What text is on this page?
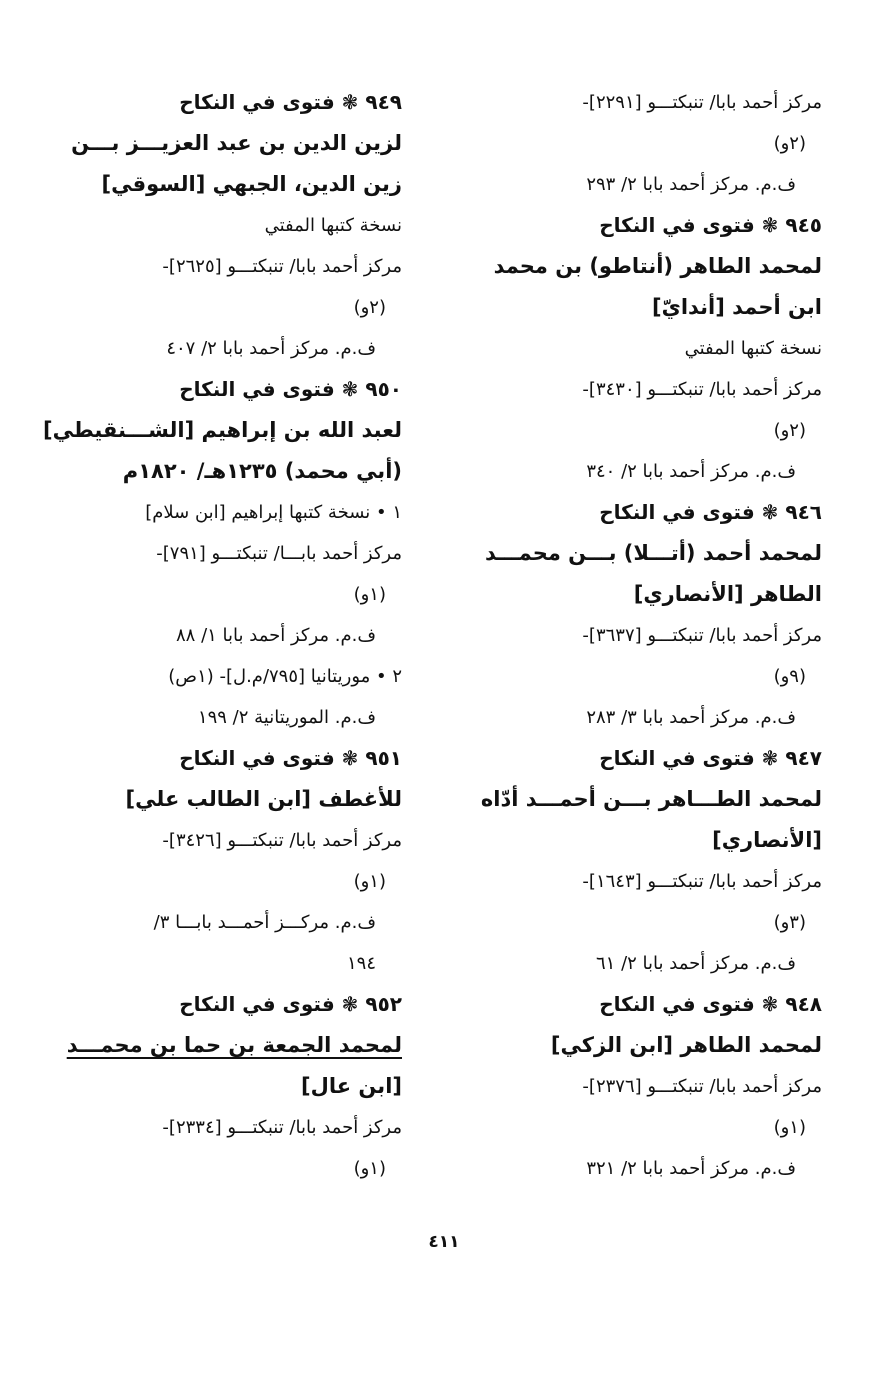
مركز أحمد بابا/ تنبكتـــو [٢٢٩١]-
(٢و)
ف.م. مركز أحمد بابا ٢/ ٢٩٣
٩٤٥ ❃ فتوى في النكاح
لمحمد الطاهر (أنتاطو) بن محمد
ابن أحمد [أندايّ]
نسخة كتبها المفتي
مركز أحمد بابا/ تنبكتـــو [٣٤٣٠]-
(٢و)
ف.م. مركز أحمد بابا ٢/ ٣٤٠
٩٤٦ ❃ فتوى في النكاح
لمحمد أحمد (أتـــلا) بـــن محمـــد
الطاهر [الأنصاري]
مركز أحمد بابا/ تنبكتـــو [٣٦٣٧]-
(٩و)
ف.م. مركز أحمد بابا ٣/ ٢٨٣
٩٤٧ ❃ فتوى في النكاح
لمحمد الطـــاهر بـــن أحمـــد أدّاه
[الأنصاري]
مركز أحمد بابا/ تنبكتـــو [١٦٤٣]-
(٣و)
ف.م. مركز أحمد بابا ٢/ ٦١
٩٤٨ ❃ فتوى في النكاح
لمحمد الطاهر [ابن الزكي]
مركز أحمد بابا/ تنبكتـــو [٢٣٧٦]-
(١و)
ف.م. مركز أحمد بابا ٢/ ٣٢١
٩٤٩ ❃ فتوى في النكاح
لزين الدين بن عبد العزيـــز بـــن
زين الدين، الجبهي [السوقي]
نسخة كتبها المفتي
مركز أحمد بابا/ تنبكتـــو [٢٦٢٥]-
(٢و)
ف.م. مركز أحمد بابا ٢/ ٤٠٧
٩٥٠ ❃ فتوى في النكاح
لعبد الله بن إبراهيم [الشـــنقيطي]
(أبي محمد) ١٢٣٥هـ/ ١٨٢٠م
١ • نسخة كتبها إبراهيم [ابن سلام]
مركز أحمد بابـــا/ تنبكتـــو [٧٩١]-
(١و)
ف.م. مركز أحمد بابا ١/ ٨٨
٢ • موريتانيا [٧٩٥/م.ل]- (١ص)
ف.م. الموريتانية ٢/ ١٩٩
٩٥١ ❃ فتوى في النكاح
للأغطف [ابن الطالب علي]
مركز أحمد بابا/ تنبكتـــو [٣٤٢٦]-
(١و)
ف.م. مركـــز أحمـــد بابـــا ٣/
١٩٤
٩٥٢ ❃ فتوى في النكاح
لمحمد الجمعة بن حما بن محمـــد
[ابن عال]
مركز أحمد بابا/ تنبكتـــو [٢٣٣٤]-
(١و)
٤١١
